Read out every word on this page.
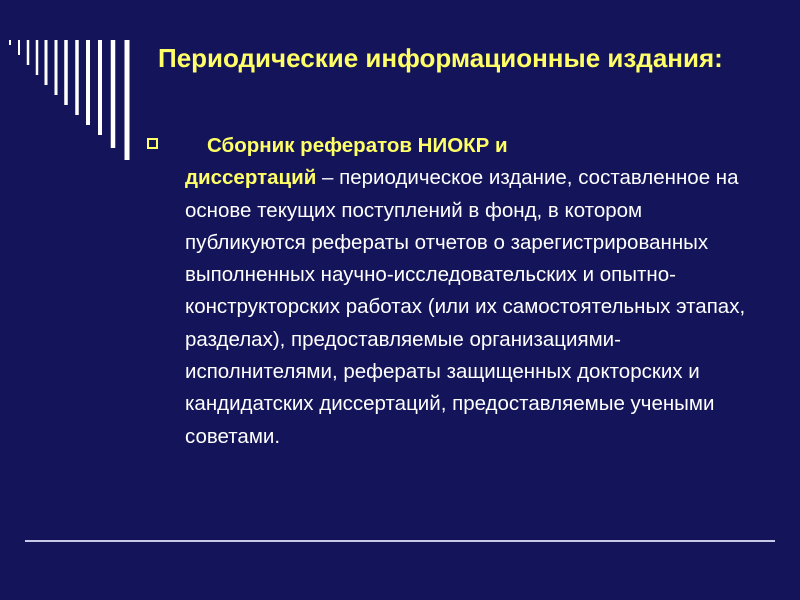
Периодические информационные издания:

Сборник рефератов НИОКР и
диссертаций – периодическое издание, составленное на основе текущих поступлений в фонд, в котором публикуются рефераты отчетов о зарегистрированных выполненных научно-исследовательских и опытно-конструкторских работах (или их самостоятельных этапах, разделах), предоставляемые организациями-исполнителями, рефераты защищенных докторских и кандидатских диссертаций, предоставляемые учеными советами.
